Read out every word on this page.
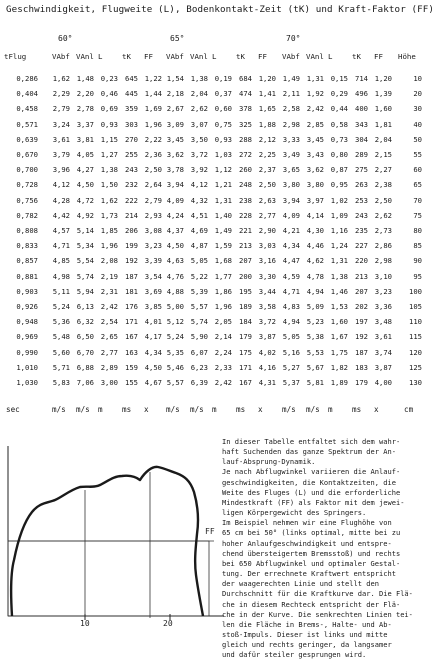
Geschwindigkeit, Flugweite (L), Bodenkontakt-Zeit (tK) und Kraft-Faktor (FF)
60°	65°	70°
tFlug	VAbf VAnl L	tK FF VAbf VAnl L	tK FF VAbf VAnl L	tK FF Höhe
0,286	1,62 1,48 0,23 645 1,22 1,54 1,38 0,19 684 1,20 1,49 1,31 0,15 714 1,20	10
0,404	2,29 2,20 0,46 445 1,44 2,18 2,04 0,37 474 1,41 2,11 1,92 0,29 496 1,39	20
0,458	2,79 2,78 0,69 359 1,69 2,67 2,62 0,60 378 1,65 2,58 2,42 0,44 400 1,60	30
0,571	3,24 3,37 0,93 303 1,96 3,09 3,07 0,75 325 1,88 2,98 2,85 0,58 343 1,81	40
0,639	3,61 3,81 1,15 270 2,22 3,45 3,50 0,93 288 2,12 3,33 3,45 0,73 304 2,04	50
0,670	3,79 4,05 1,27 255 2,36 3,62 3,72 1,03 272 2,25 3,49 3,43 0,80 289 2,15	55
0,700	3,96 4,27 1,38 243 2,50 3,78 3,92 1,12 260 2,37 3,65 3,62 0,87 275 2,27	60
0,728	4,12 4,50 1,50 232 2,64 3,94 4,12 1,21 248 2,50 3,80 3,80 0,95 263 2,38	65
0,756	4,28 4,72 1,62 222 2,79 4,09 4,32 1,31 238 2,63 3,94 3,97 1,02 253 2,50	70
0,782	4,42 4,92 1,73 214 2,93 4,24 4,51 1,40 228 2,77 4,09 4,14 1,09 243 2,62	75
0,808	4,57 5,14 1,85 206 3,08 4,37 4,69 1,49 221 2,90 4,21 4,30 1,16 235 2,73	80
0,833	4,71 5,34 1,96 199 3,23 4,50 4,87 1,59 213 3,03 4,34 4,46 1,24 227 2,86	85
0,857	4,85 5,54 2,08 192 3,39 4,63 5,05 1,68 207 3,16 4,47 4,62 1,31 220 2,98	90
0,881	4,98 5,74 2,19 187 3,54 4,76 5,22 1,77 200 3,30 4,59 4,78 1,38 213 3,10	95
0,903	5,11 5,94 2,31 181 3,69 4,88 5,39 1,86 195 3,44 4,71 4,94 1,46 207 3,23	100
0,926	5,24 6,13 2,42 176 3,85 5,00 5,57 1,96 189 3,58 4,83 5,09 1,53 202 3,36	105
0,948	5,36 6,32 2,54 171 4,01 5,12 5,74 2,05 184 3,72 4,94 5,23 1,60 197 3,48	110
0,969	5,48 6,50 2,65 167 4,17 5,24 5,90 2,14 179 3,87 5,05 5,38 1,67 192 3,61	115
0,990	5,60 6,70 2,77 163 4,34 5,35 6,07 2,24 175 4,02 5,16 5,53 1,75 187 3,74	120
1,010	5,71 6,88 2,89 159 4,50 5,46 6,23 2,33 171 4,16 5,27 5,67 1,82 183 3,87	125
1,030	5,83 7,06 3,00 155 4,67 5,57 6,39 2,42 167 4,31 5,37 5,81 1,89 179 4,00	130
sec	m/s m/s m	ms x m/s m/s m	ms x	m/s m/s m	ms x	cm
FF
10	20
In dieser Tabelle entfaltet sich dem wahr-
haft Suchenden das ganze Spektrum der An-
lauf-Absprung-Dynamik.
Je nach Abflugwinkel variieren die Anlauf-
geschwindigkeiten, die Kontaktzeiten, die
Weite des Fluges (L) und die erforderliche
Mindestkraft (FF) als Faktor mit dem jewei-
ligen Körpergewicht des Springers.
Im Beispiel nehmen wir eine Flughöhe von
65 cm bei 50° (links optimal, mitte bei zu
hoher Anlaufgeschwindigkeit und entspre-
chend übersteigertem Bremsstoß) und rechts
bei 650 Abflugwinkel und optimaler Gestal-
tung. Der errechnete Kraftwert entspricht
der waagerechten Linie und stellt den
Durchschnitt für die Kraftkurve dar. Die Flä-
che in diesem Rechteck entspricht der Flä-
che in der Kurve. Die senkrechten Linien tei-
len die Fläche in Brems-, Halte- und Ab-
stoß-Impuls. Dieser ist links und mitte
gleich und rechts geringer, da langsamer
und dafür steiler gesprungen wird.
